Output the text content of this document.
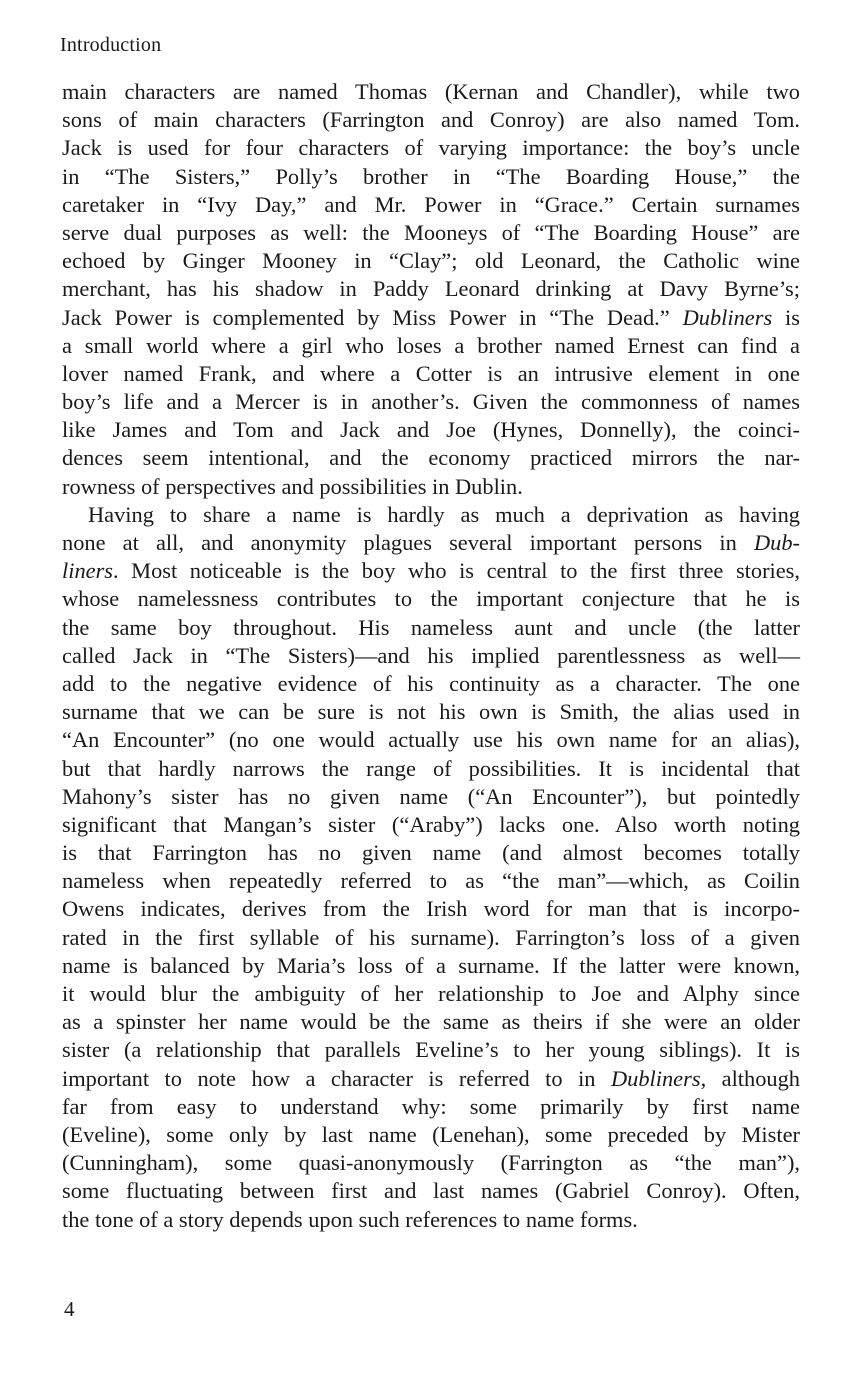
Introduction
main characters are named Thomas (Kernan and Chandler), while two
sons of main characters (Farrington and Conroy) are also named Tom.
Jack is used for four characters of varying importance: the boy’s uncle
in “The Sisters,” Polly’s brother in “The Boarding House,” the
caretaker in “Ivy Day,” and Mr. Power in “Grace.” Certain surnames
serve dual purposes as well: the Mooneys of “The Boarding House” are
echoed by Ginger Mooney in “Clay”; old Leonard, the Catholic wine
merchant, has his shadow in Paddy Leonard drinking at Davy Byrne’s;
Jack Power is complemented by Miss Power in “The Dead.” Dubliners is
a small world where a girl who loses a brother named Ernest can find a
lover named Frank, and where a Cotter is an intrusive element in one
boy’s life and a Mercer is in another’s. Given the commonness of names
like James and Tom and Jack and Joe (Hynes, Donnelly), the coinci-
dences seem intentional, and the economy practiced mirrors the nar-
rowness of perspectives and possibilities in Dublin.
Having to share a name is hardly as much a deprivation as having
none at all, and anonymity plagues several important persons in Dub-
liners. Most noticeable is the boy who is central to the first three stories,
whose namelessness contributes to the important conjecture that he is
the same boy throughout. His nameless aunt and uncle (the latter
called Jack in “The Sisters)—and his implied parentlessness as well—
add to the negative evidence of his continuity as a character. The one
surname that we can be sure is not his own is Smith, the alias used in
“An Encounter” (no one would actually use his own name for an alias),
but that hardly narrows the range of possibilities. It is incidental that
Mahony’s sister has no given name (“An Encounter”), but pointedly
significant that Mangan’s sister (“Araby”) lacks one. Also worth noting
is that Farrington has no given name (and almost becomes totally
nameless when repeatedly referred to as “the man”—which, as Coilin
Owens indicates, derives from the Irish word for man that is incorpo-
rated in the first syllable of his surname). Farrington’s loss of a given
name is balanced by Maria’s loss of a surname. If the latter were known,
it would blur the ambiguity of her relationship to Joe and Alphy since
as a spinster her name would be the same as theirs if she were an older
sister (a relationship that parallels Eveline’s to her young siblings). It is
important to note how a character is referred to in Dubliners, although
far from easy to understand why: some primarily by first name
(Eveline), some only by last name (Lenehan), some preceded by Mister
(Cunningham), some quasi-anonymously (Farrington as “the man”),
some fluctuating between first and last names (Gabriel Conroy). Often,
the tone of a story depends upon such references to name forms.
4
